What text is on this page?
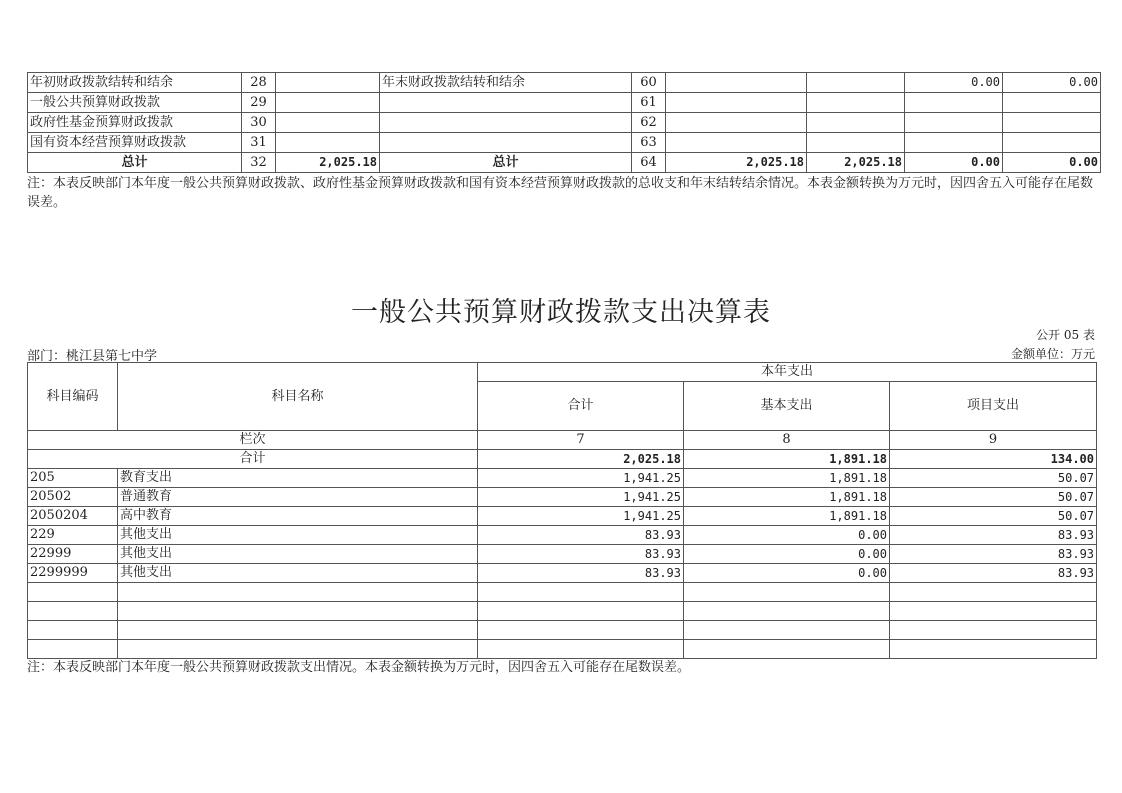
年初财政拨款结转和结余	28		年末财政拨款结转和结余	60			0.00	0.00
一般公共预算财政拨款	29			61				
政府性基金预算财政拨款	30			62				
国有资本经营预算财政拨款	31			63				
总计	32	2,025.18	总计	64	2,025.18	2,025.18	0.00	0.00
注：本表反映部门本年度一般公共预算财政拨款、政府性基金预算财政拨款和国有资本经营预算财政拨款的总收支和年末结转结余情况。本表金额转换为万元时，因四舍五入可能存在尾数误差。
一般公共预算财政拨款支出决算表
公开 05 表
部门：桃江县第七中学	金额单位：万元
科目编码	科目名称	本年支出		
		合计	基本支出	项目支出
栏次		7	8	9
合计		2,025.18	1,891.18	134.00
205	教育支出	1,941.25	1,891.18	50.07
20502	普通教育	1,941.25	1,891.18	50.07
2050204	高中教育	1,941.25	1,891.18	50.07
229	其他支出	83.93	0.00	83.93
22999	其他支出	83.93	0.00	83.93
2299999	其他支出	83.93	0.00	83.93

注：本表反映部门本年度一般公共预算财政拨款支出情况。本表金额转换为万元时，因四舍五入可能存在尾数误差。
